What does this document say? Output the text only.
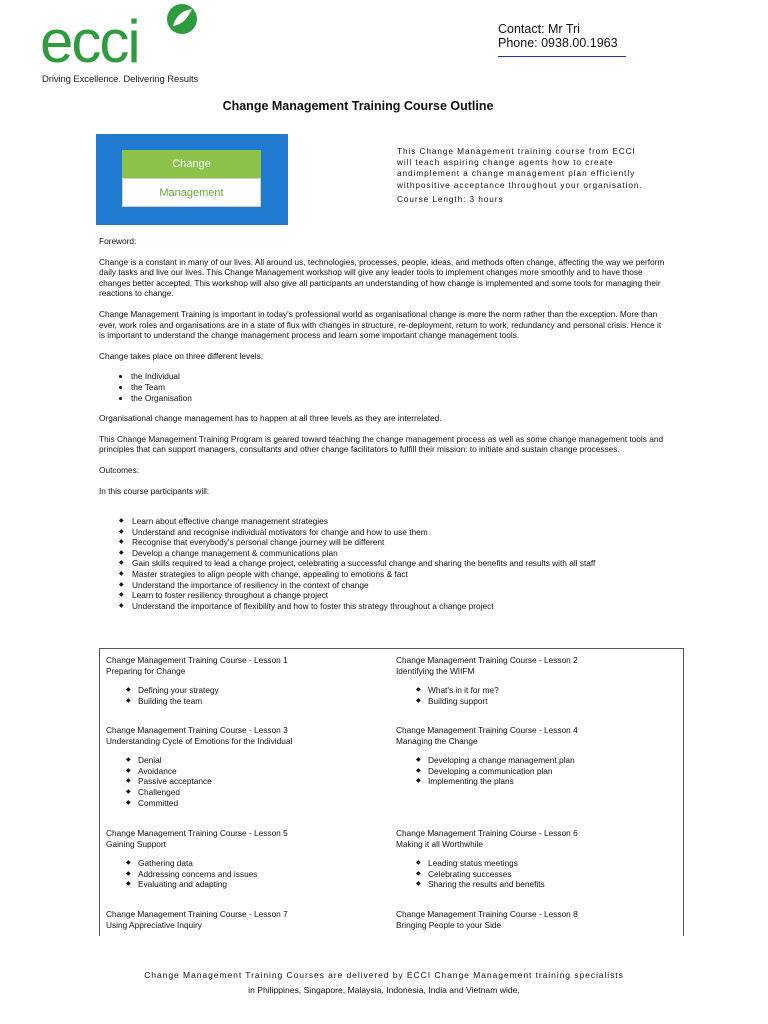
ecci
Driving Excellence. Delivering Results
Contact: Mr Tri
Phone: 0938.00.1963
Change Management Training Course Outline
Change
Management

This Change Management training course from ECCI will teach aspiring change agents how to create andimplement a change management plan efficiently withpositive acceptance throughout your organisation.

Course Length: 3 hours

Foreword:

Change is a constant in many of our lives. All around us, technologies, processes, people, ideas, and methods often change, affecting the way we perform daily tasks and live our lives. This Change Management workshop will give any leader tools to implement changes more smoothly and to have those changes better accepted. This workshop will also give all participants an understanding of how change is implemented and some tools for managing their reactions to change.

Change Management Training is important in today's professional world as organisational change is more the norm rather than the exception. More than ever, work roles and organisations are in a state of flux with changes in structure, re-deployment, return to work, redundancy and personal crisis. Hence it is important to understand the change management process and learn some important change management tools.

Change takes place on three different levels:

• the Individual
• the Team
• the Organisation

Organisational change management has to happen at all three levels as they are interrelated.

This Change Management Training Program is geared toward teaching the change management process as well as some change management tools and principles that can support managers, consultants and other change facilitators to fulfill their mission: to initiate and sustain change processes.

Outcomes:

In this course participants will:

◆ Learn about effective change management strategies
◆ Understand and recognise individual motivators for change and how to use them
◆ Recognise that everybody's personal change journey will be different
◆ Develop a change management & communications plan
◆ Gain skills required to lead a change project, celebrating a successful change and sharing the benefits and results with all staff
◆ Master strategies to align people with change, appealing to emotions & fact
◆ Understand the importance of resiliency in the context of change
◆ Learn to foster resiliency throughout a change project
◆ Understand the importance of flexibility and how to foster this strategy throughout a change project
Change Management Training Course - Lesson 1
Preparing for Change
◆ Defining your strategy
◆ Building the team
Change Management Training Course - Lesson 2
Identifying the WIIFM
◆ What's in it for me?
◆ Building support
Change Management Training Course - Lesson 3
Understanding Cycle of Emotions for the Individual
◆ Denial
◆ Avoidance
◆ Passive acceptance
◆ Challenged
◆ Committed
Change Management Training Course - Lesson 4
Managing the Change
◆ Developing a change management plan
◆ Developing a communication plan
◆ Implementing the plans
Change Management Training Course - Lesson 5
Gaining Support
◆ Gathering data
◆ Addressing concerns and issues
◆ Evaluating and adapting
Change Management Training Course - Lesson 6
Making it all Worthwhile
◆ Leading status meetings
◆ Celebrating successes
◆ Sharing the results and benefits
Change Management Training Course - Lesson 7
Using Appreciative Inquiry
Change Management Training Course - Lesson 8
Bringing People to your Side
Change Management Training Courses are delivered by ECCI Change Management training specialists
in Philippines, Singapore, Malaysia, Indonesia, India and Vietnam wide.
